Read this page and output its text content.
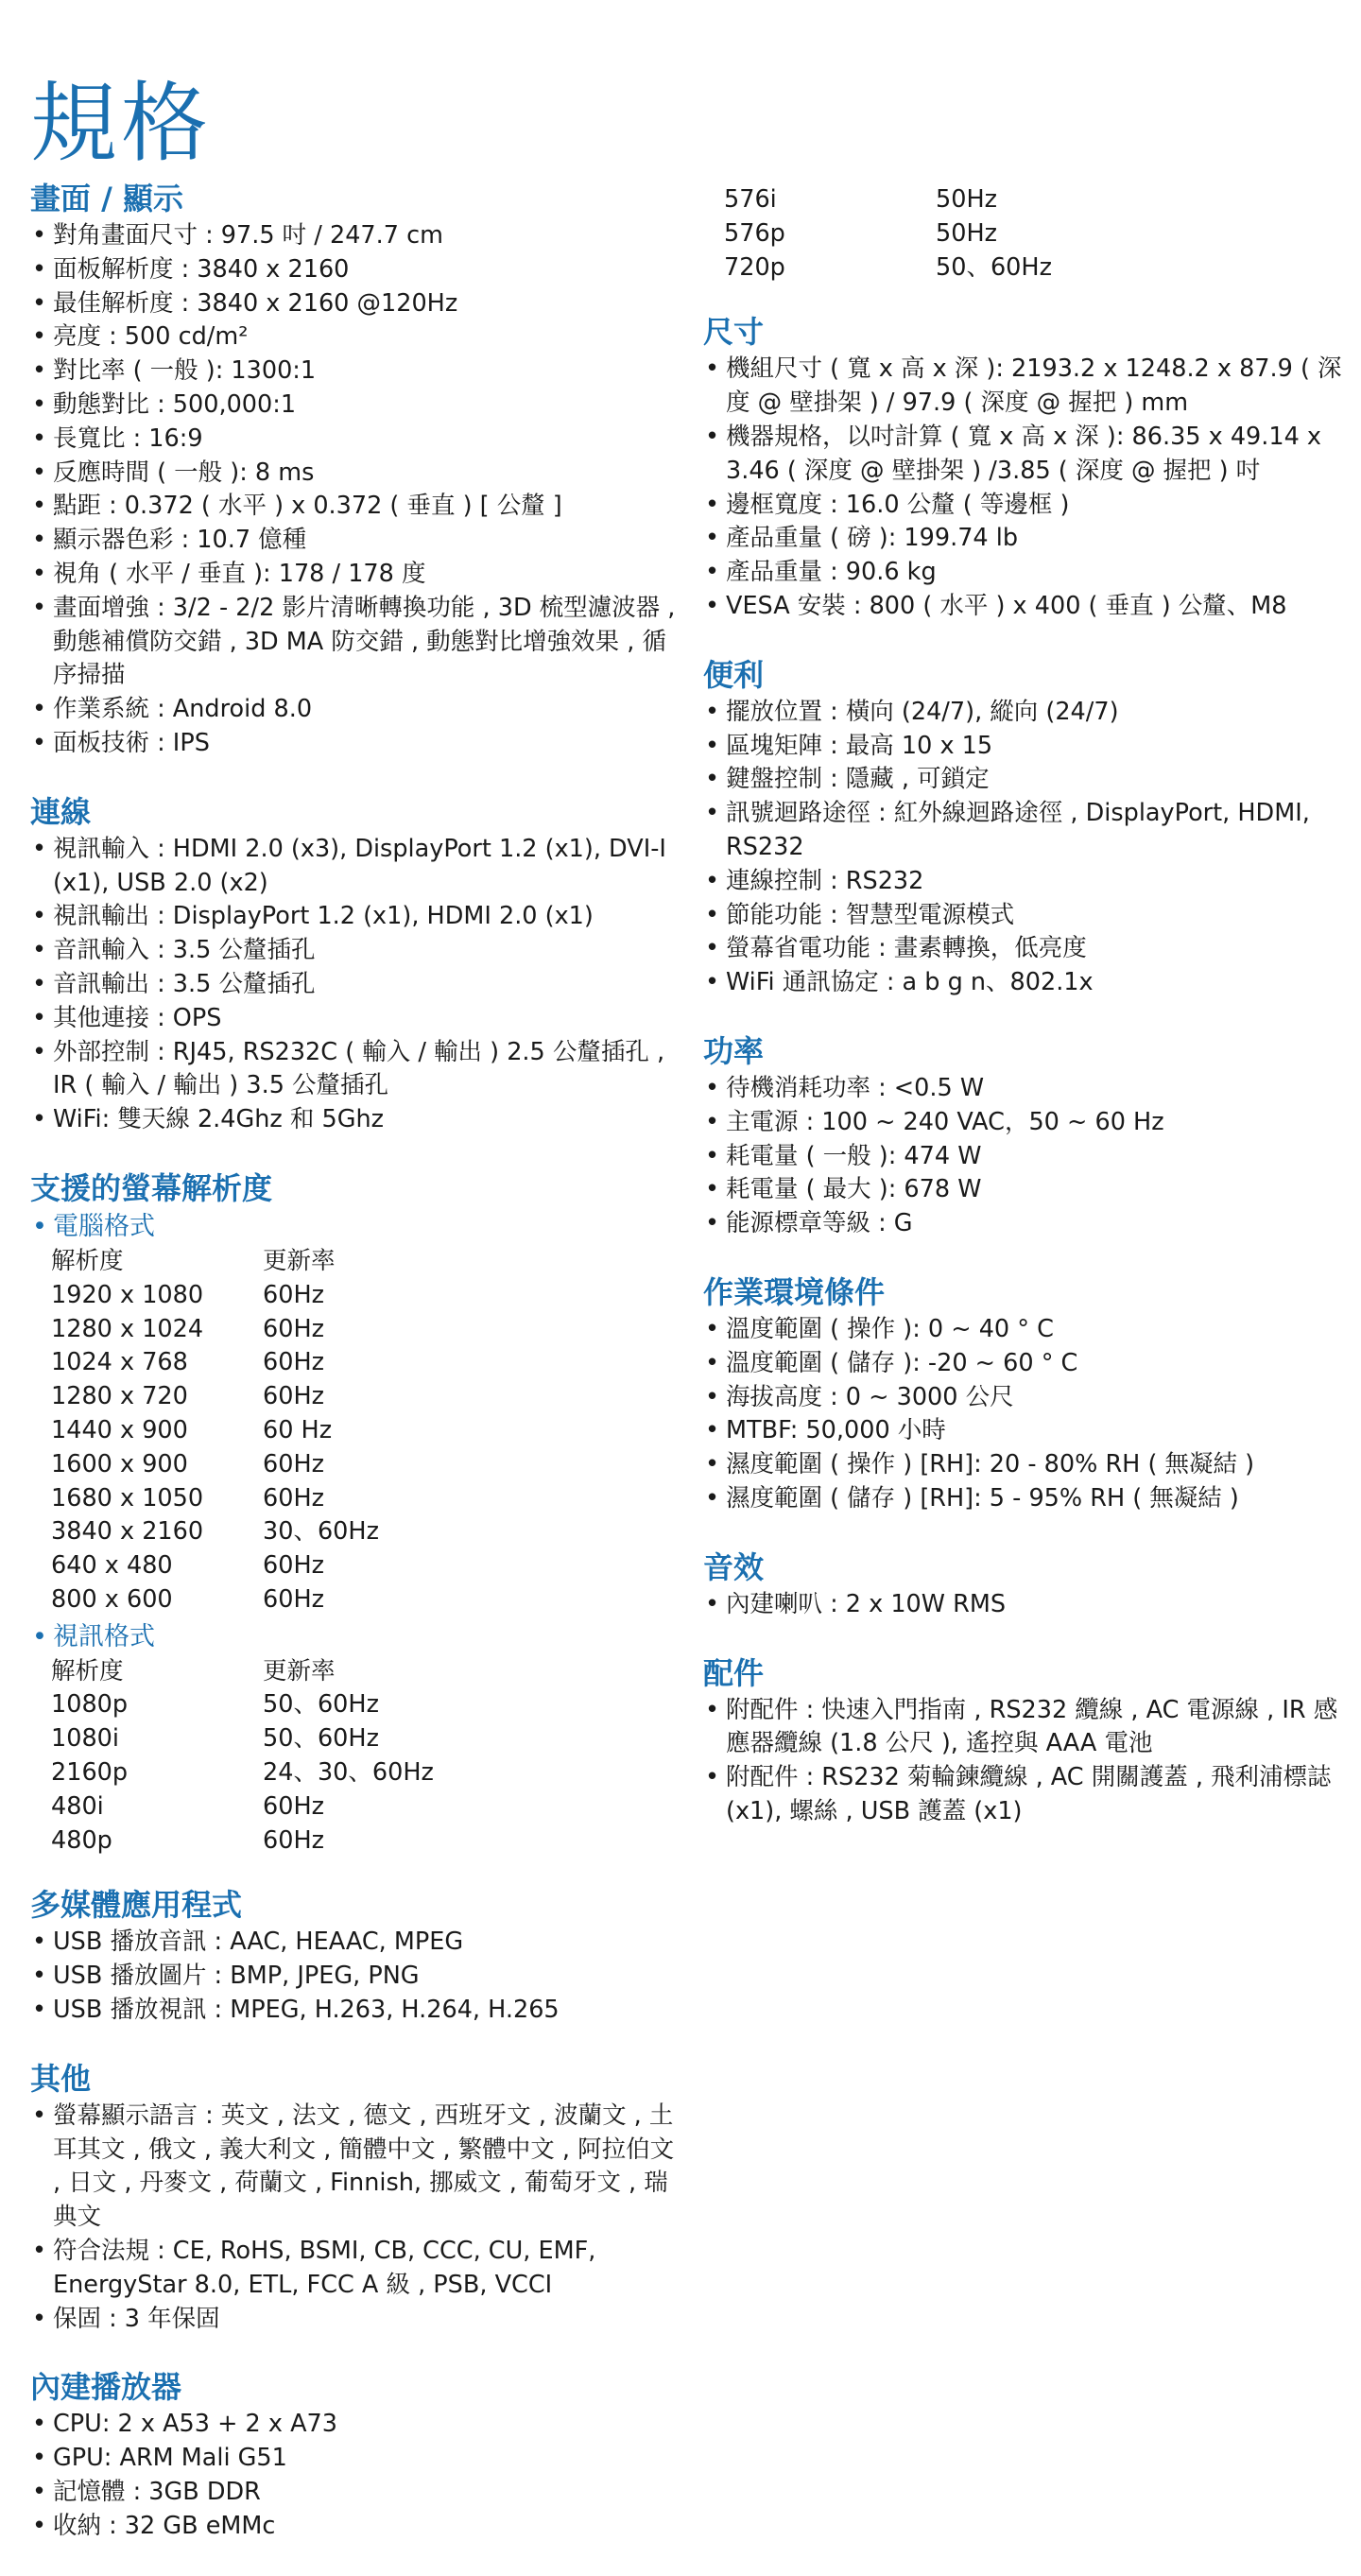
規格
畫面 / 顯示
• 對角畫面尺寸 : 97.5 吋 / 247.7 cm
• 面板解析度 : 3840 x 2160
• 最佳解析度 : 3840 x 2160 @120Hz
• 亮度 : 500 cd/m²
• 對比率 ( 一般 ): 1300:1
• 動態對比 : 500,000:1
• 長寬比 : 16:9
• 反應時間 ( 一般 ): 8 ms
• 點距 : 0.372 ( 水平 ) x 0.372 ( 垂直 ) [ 公釐 ]
• 顯示器色彩 : 10.7 億種
• 視角 ( 水平 / 垂直 ): 178 / 178 度
• 畫面增強 : 3/2 - 2/2 影片清晰轉換功能 , 3D 梳型濾波器 , 動態補償防交錯 , 3D MA 防交錯 , 動態對比增強效果 , 循序掃描
• 作業系統 : Android 8.0
• 面板技術 : IPS
連線
• 視訊輸入 : HDMI 2.0 (x3), DisplayPort 1.2 (x1), DVI-I (x1), USB 2.0 (x2)
• 視訊輸出 : DisplayPort 1.2 (x1), HDMI 2.0 (x1)
• 音訊輸入 : 3.5 公釐插孔
• 音訊輸出 : 3.5 公釐插孔
• 其他連接 : OPS
• 外部控制 : RJ45, RS232C ( 輸入 / 輸出 ) 2.5 公釐插孔 , IR ( 輸入 / 輸出 ) 3.5 公釐插孔
• WiFi: 雙天線 2.4Ghz 和 5Ghz
支援的螢幕解析度
• 電腦格式
解析度	更新率
1920 x 1080	60Hz
1280 x 1024	60Hz
1024 x 768	60Hz
1280 x 720	60Hz
1440 x 900	60 Hz
1600 x 900	60Hz
1680 x 1050	60Hz
3840 x 2160	30、60Hz
640 x 480	60Hz
800 x 600	60Hz
• 視訊格式
解析度	更新率
1080p	50、60Hz
1080i	50、60Hz
2160p	24、30、60Hz
480i	60Hz
480p	60Hz
多媒體應用程式
• USB 播放音訊 : AAC, HEAAC, MPEG
• USB 播放圖片 : BMP, JPEG, PNG
• USB 播放視訊 : MPEG, H.263, H.264, H.265
其他
• 螢幕顯示語言 : 英文 , 法文 , 德文 , 西班牙文 , 波蘭文 , 土耳其文 , 俄文 , 義大利文 , 簡體中文 , 繁體中文 , 阿拉伯文 , 日文 , 丹麥文 , 荷蘭文 , Finnish, 挪威文 , 葡萄牙文 , 瑞典文
• 符合法規 : CE, RoHS, BSMI, CB, CCC, CU, EMF, EnergyStar 8.0, ETL, FCC A 級 , PSB, VCCI
• 保固 : 3 年保固
內建播放器
• CPU: 2 x A53 + 2 x A73
• GPU: ARM Mali G51
• 記憶體 : 3GB DDR
• 收納 : 32 GB eMMc
576i	50Hz
576p	50Hz
720p	50、60Hz
尺寸
• 機組尺寸 ( 寬 x 高 x 深 ): 2193.2 x 1248.2 x 87.9 ( 深度 @ 壁掛架 ) / 97.9 ( 深度 @ 握把 ) mm
• 機器規格，以吋計算 ( 寬 x 高 x 深 ): 86.35 x 49.14 x 3.46 ( 深度 @ 壁掛架 ) /3.85 ( 深度 @ 握把 ) 吋
• 邊框寬度 : 16.0 公釐 ( 等邊框 )
• 產品重量 ( 磅 ): 199.74 lb
• 產品重量 : 90.6 kg
• VESA 安裝 : 800 ( 水平 ) x 400 ( 垂直 ) 公釐、M8
便利
• 擺放位置 : 橫向 (24/7), 縱向 (24/7)
• 區塊矩陣 : 最高 10 x 15
• 鍵盤控制 : 隱藏 , 可鎖定
• 訊號迴路途徑 : 紅外線迴路途徑 , DisplayPort, HDMI, RS232
• 連線控制 : RS232
• 節能功能 : 智慧型電源模式
• 螢幕省電功能 : 畫素轉換，低亮度
• WiFi 通訊協定 : a b g n、802.1x
功率
• 待機消耗功率 : <0.5 W
• 主電源 : 100 ~ 240 VAC，50 ~ 60 Hz
• 耗電量 ( 一般 ): 474 W
• 耗電量 ( 最大 ): 678 W
• 能源標章等級 : G
作業環境條件
• 溫度範圍 ( 操作 ): 0 ~ 40 ° C
• 溫度範圍 ( 儲存 ): -20 ~ 60 ° C
• 海拔高度 : 0 ~ 3000 公尺
• MTBF: 50,000 小時
• 濕度範圍 ( 操作 ) [RH]: 20 - 80% RH ( 無凝結 )
• 濕度範圍 ( 儲存 ) [RH]: 5 - 95% RH ( 無凝結 )
音效
• 內建喇叭 : 2 x 10W RMS
配件
• 附配件 : 快速入門指南 , RS232 纜線 , AC 電源線 , IR 感應器纜線 (1.8 公尺 ), 遙控與 AAA 電池
• 附配件 : RS232 菊輪鍊纜線 , AC 開關護蓋 , 飛利浦標誌 (x1), 螺絲 , USB 護蓋 (x1)
